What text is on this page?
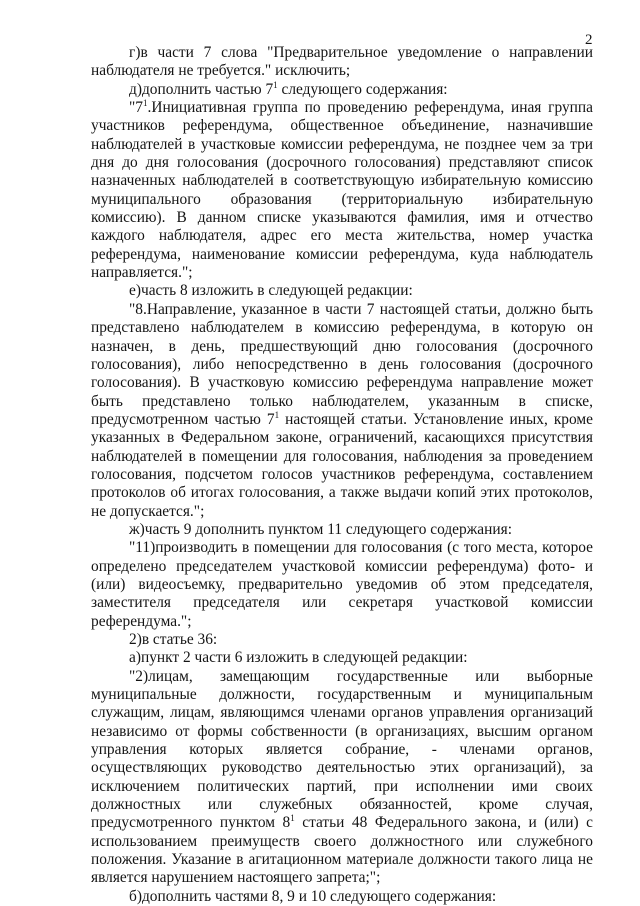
2

г)в части 7 слова "Предварительное уведомление о направлении наблюдателя не требуется." исключить;

д)дополнить частью $7^1$ следующего содержания:

"$7^1.Инициативная$ группа по проведению референдума, иная группа участников референдума, общественное объединение, назначившие наблюдателей в участковые комиссии референдума, не позднее чем за три дня до дня голосования (досрочного голосования) представляют список назначенных наблюдателей в соответствующую избирательную комиссию муниципального образования (территориальную избирательную комиссию). В данном списке указываются фамилия, имя и отчество каждого наблюдателя, адрес его места жительства, номер участка референдума, наименование комиссии референдума, куда наблюдатель направляется.";

е)часть 8 изложить в следующей редакции:

"8.Направление, указанное в части 7 настоящей статьи, должно быть представлено наблюдателем в комиссию референдума, в которую он назначен, в день, предшествующий дню голосования (досрочного голосования), либо непосредственно в день голосования (досрочного голосования). В участковую комиссию референдума направление может быть представлено только наблюдателем, указанным в списке, предусмотренном частью $7^1$ настоящей статьи. Установление иных, кроме указанных в Федеральном законе, ограничений, касающихся присутствия наблюдателей в помещении для голосования, наблюдения за проведением голосования, подсчетом голосов участников референдума, составлением протоколов об итогах голосования, а также выдачи копий этих протоколов, не допускается.";

ж)часть 9 дополнить пунктом 11 следующего содержания:

"11)производить в помещении для голосования (с того места, которое определено председателем участковой комиссии референдума) фото- и (или) видеосъемку, предварительно уведомив об этом председателя, заместителя председателя или секретаря участковой комиссии референдума.";

2)в статье 36:

а)пункт 2 части 6 изложить в следующей редакции:

"2)лицам, замещающим государственные или выборные муниципальные должности, государственным и муниципальным служащим, лицам, являющимся членами органов управления организаций независимо от формы собственности (в организациях, высшим органом управления которых является собрание, - членами органов, осуществляющих руководство деятельностью этих организаций), за исключением политических партий, при исполнении ими своих должностных или служебных обязанностей, кроме случая, предусмотренного пунктом $8^1$ статьи 48 Федерального закона, и (или) с использованием преимуществ своего должностного или служебного положения. Указание в агитационном материале должности такого лица не является нарушением настоящего запрета;";

б)дополнить частями 8, 9 и 10 следующего содержания:
